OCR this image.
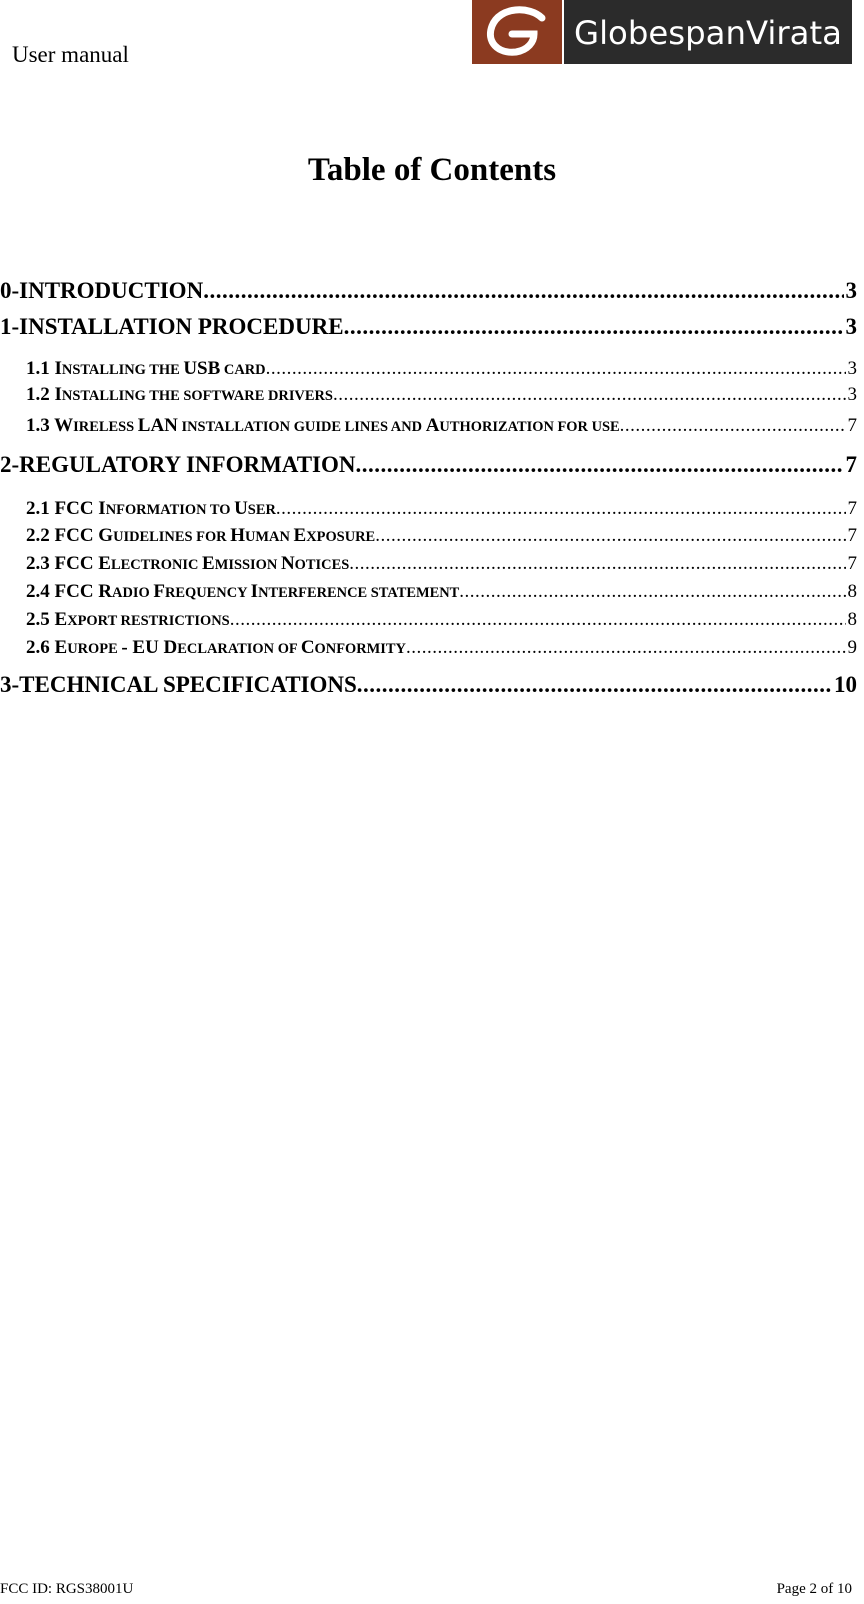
User manual
GlobespanVirata
Table of Contents
0-INTRODUCTION .....	3
1-INSTALLATION PROCEDURE .....	3
1.1 INSTALLING THE USB CARD .....	3
1.2 INSTALLING THE SOFTWARE DRIVERS .....	3
1.3 WIRELESS LAN INSTALLATION GUIDE LINES AND AUTHORIZATION FOR USE .....	7
2-REGULATORY INFORMATION .....	7
2.1 FCC INFORMATION TO USER .....	7
2.2 FCC GUIDELINES FOR HUMAN EXPOSURE .....	7
2.3 FCC ELECTRONIC EMISSION NOTICES .....	7
2.4 FCC RADIO FREQUENCY INTERFERENCE STATEMENT .....	8
2.5 EXPORT RESTRICTIONS .....	8
2.6 EUROPE - EU DECLARATION OF CONFORMITY .....	9
3-TECHNICAL SPECIFICATIONS .....	10
FCC ID: RGS38001U	Page 2 of 10
